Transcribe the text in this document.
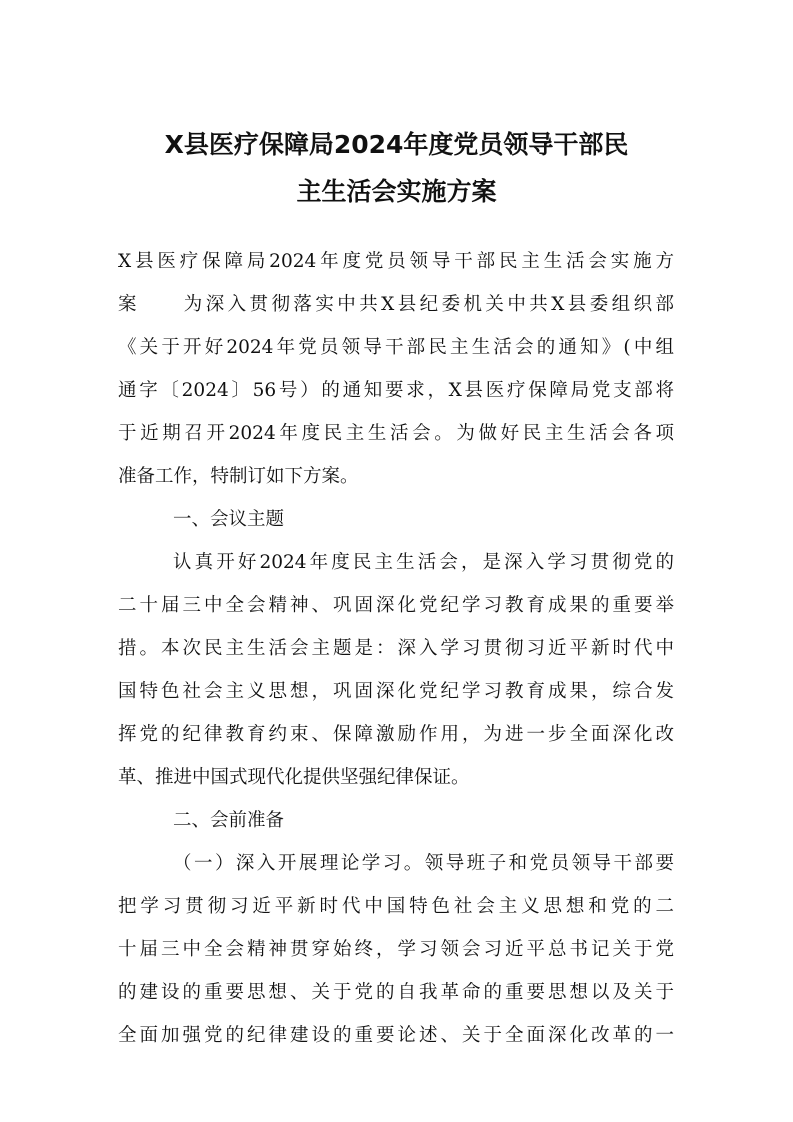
X县医疗保障局2024年度党员领导干部民
主生活会实施方案
X县医疗保障局2024年度党员领导干部民主生活会实施方
案　　为深入贯彻落实中共X县纪委机关中共X县委组织部
《关于开好2024年党员领导干部民主生活会的通知》(中组
通字〔2024〕56号）的通知要求，X县医疗保障局党支部将
于近期召开2024年度民主生活会。为做好民主生活会各项
准备工作，特制订如下方案。
一、会议主题
认真开好2024年度民主生活会，是深入学习贯彻党的
二十届三中全会精神、巩固深化党纪学习教育成果的重要举
措。本次民主生活会主题是：深入学习贯彻习近平新时代中
国特色社会主义思想，巩固深化党纪学习教育成果，综合发
挥党的纪律教育约束、保障激励作用，为进一步全面深化改
革、推进中国式现代化提供坚强纪律保证。
二、会前准备
（一）深入开展理论学习。领导班子和党员领导干部要
把学习贯彻习近平新时代中国特色社会主义思想和党的二
十届三中全会精神贯穿始终，学习领会习近平总书记关于党
的建设的重要思想、关于党的自我革命的重要思想以及关于
全面加强党的纪律建设的重要论述、关于全面深化改革的一
